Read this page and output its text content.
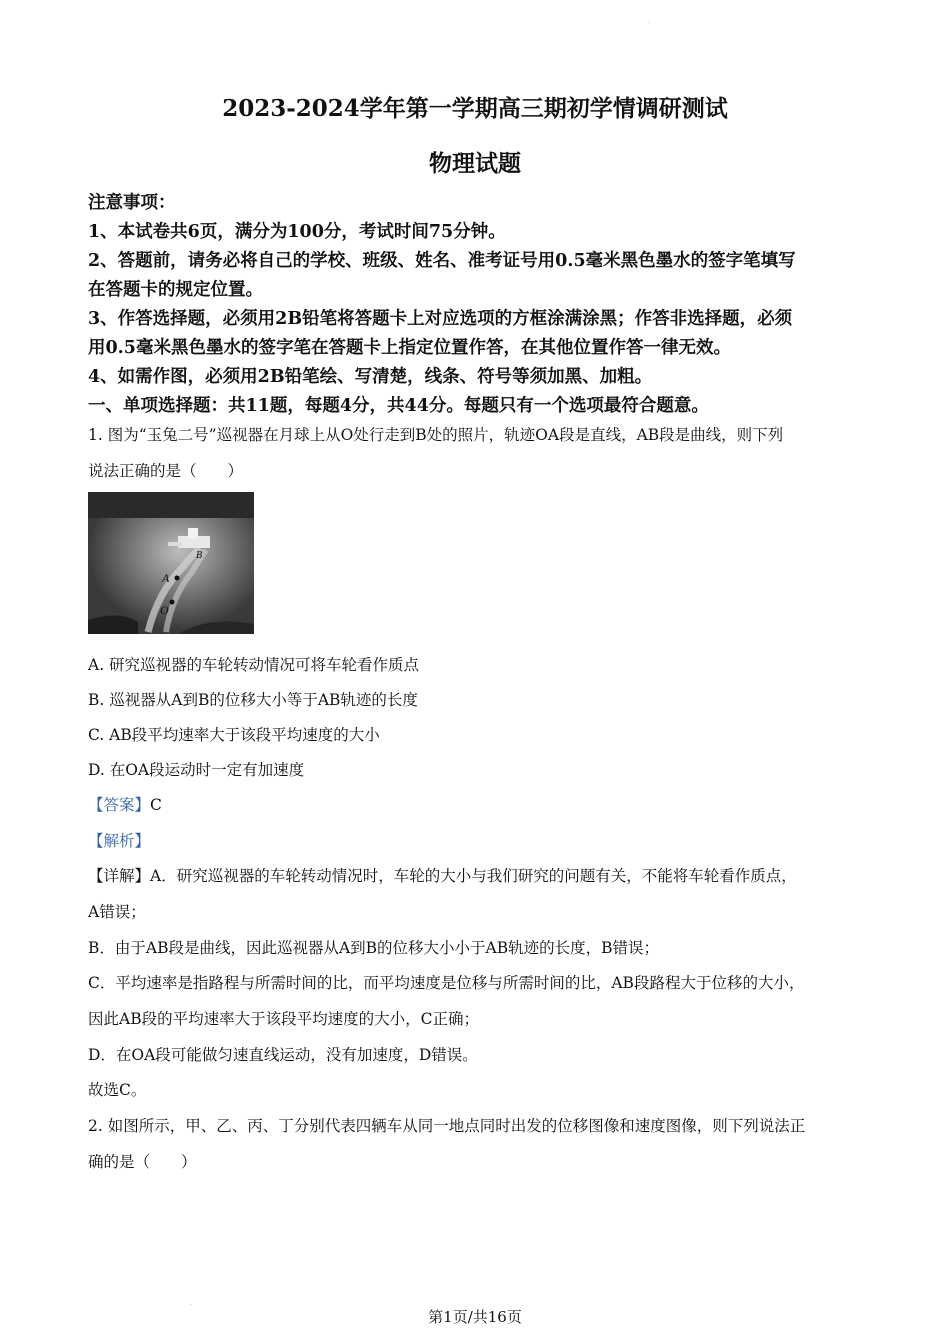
·
2023-2024学年第一学期高三期初学情调研测试
物理试题
注意事项：
1、本试卷共6页，满分为100分，考试时间75分钟。
2、答题前，请务必将自己的学校、班级、姓名、准考证号用0.5毫米黑色墨水的签字笔填写
在答题卡的规定位置。
3、作答选择题，必须用2B铅笔将答题卡上对应选项的方框涂满涂黑；作答非选择题，必须
用0.5毫米黑色墨水的签字笔在答题卡上指定位置作答，在其他位置作答一律无效。
4、如需作图，必须用2B铅笔绘、写清楚，线条、符号等须加黑、加粗。
一、单项选择题：共11题，每题4分，共44分。每题只有一个选项最符合题意。
1. 图为“玉兔二号”巡视器在月球上从O处行走到B处的照片，轨迹OA段是直线，AB段是曲线，则下列
说法正确的是（　　）
B
A
O
A. 研究巡视器的车轮转动情况可将车轮看作质点
B. 巡视器从A到B的位移大小等于AB轨迹的长度
C. AB段平均速率大于该段平均速度的大小
D. 在OA段运动时一定有加速度
【答案】C
【解析】
【详解】A．研究巡视器的车轮转动情况时，车轮的大小与我们研究的问题有关，不能将车轮看作质点，
A错误；
B．由于AB段是曲线，因此巡视器从A到B的位移大小小于AB轨迹的长度，B错误；
C．平均速率是指路程与所需时间的比，而平均速度是位移与所需时间的比，AB段路程大于位移的大小，
因此AB段的平均速率大于该段平均速度的大小，C正确；
D．在OA段可能做匀速直线运动，没有加速度，D错误。
故选C。
2. 如图所示，甲、乙、丙、丁分别代表四辆车从同一地点同时出发的位移图像和速度图像，则下列说法正
确的是（　　）
·
第1页/共16页
